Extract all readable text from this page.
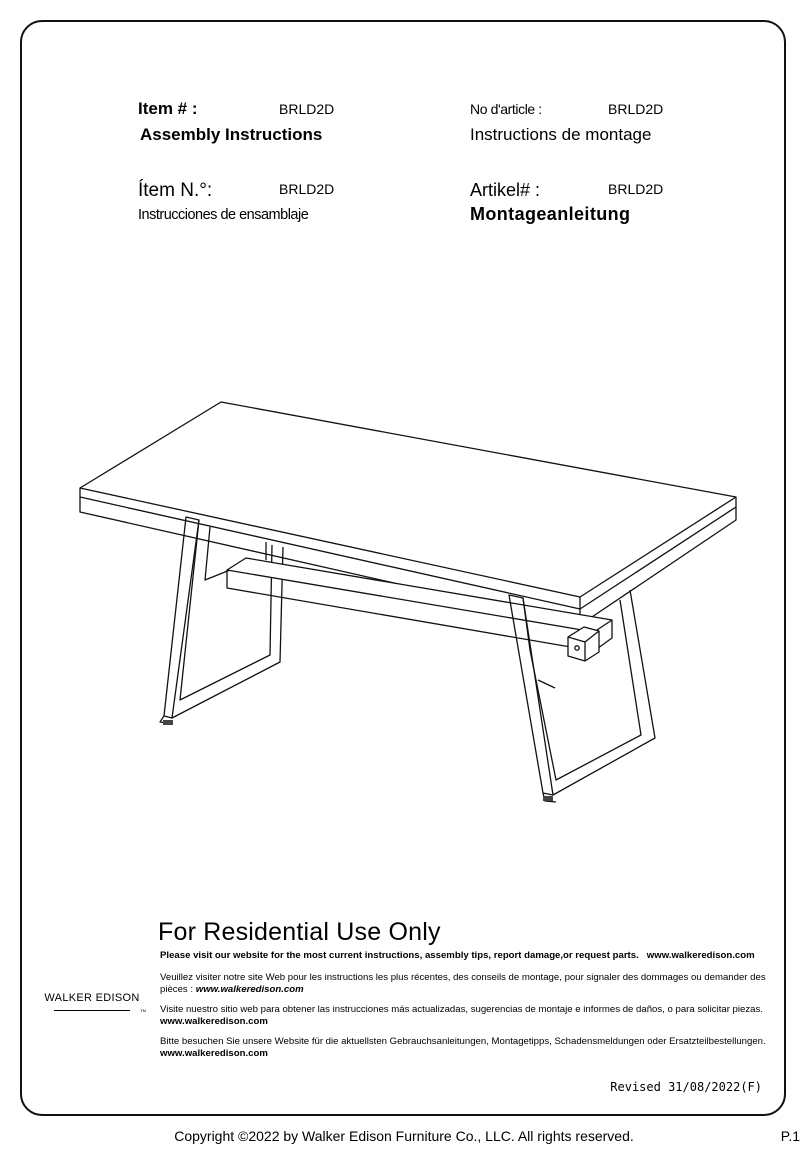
Item # :	BRLD2D
Assembly Instructions
No d'article :	BRLD2D
Instructions de montage
Ítem N.°:	BRLD2D
Instrucciones de ensamblaje
Artikel# :	BRLD2D
Montageanleitung
For Residential Use Only
Please visit our website for the most current instructions, assembly tips, report damage,or request parts. www.walkeredison.com
Veuillez visiter notre site Web pour les instructions les plus récentes, des conseils de montage, pour signaler des dommages ou demander des pièces : www.walkeredison.com
Visite nuestro sitio web para obtener las instrucciones más actualizadas, sugerencias de montaje e informes de daños, o para solicitar piezas. www.walkeredison.com
Bitte besuchen Sie unsere Website für die aktuellsten Gebrauchsanleitungen, Montagetipps, Schadensmeldungen oder Ersatzteilbestellungen. www.walkeredison.com
WALKER EDISON
TM
Revised 31/08/2022(F)
Copyright ©2022 by Walker Edison Furniture Co., LLC. All rights reserved.	P.1
